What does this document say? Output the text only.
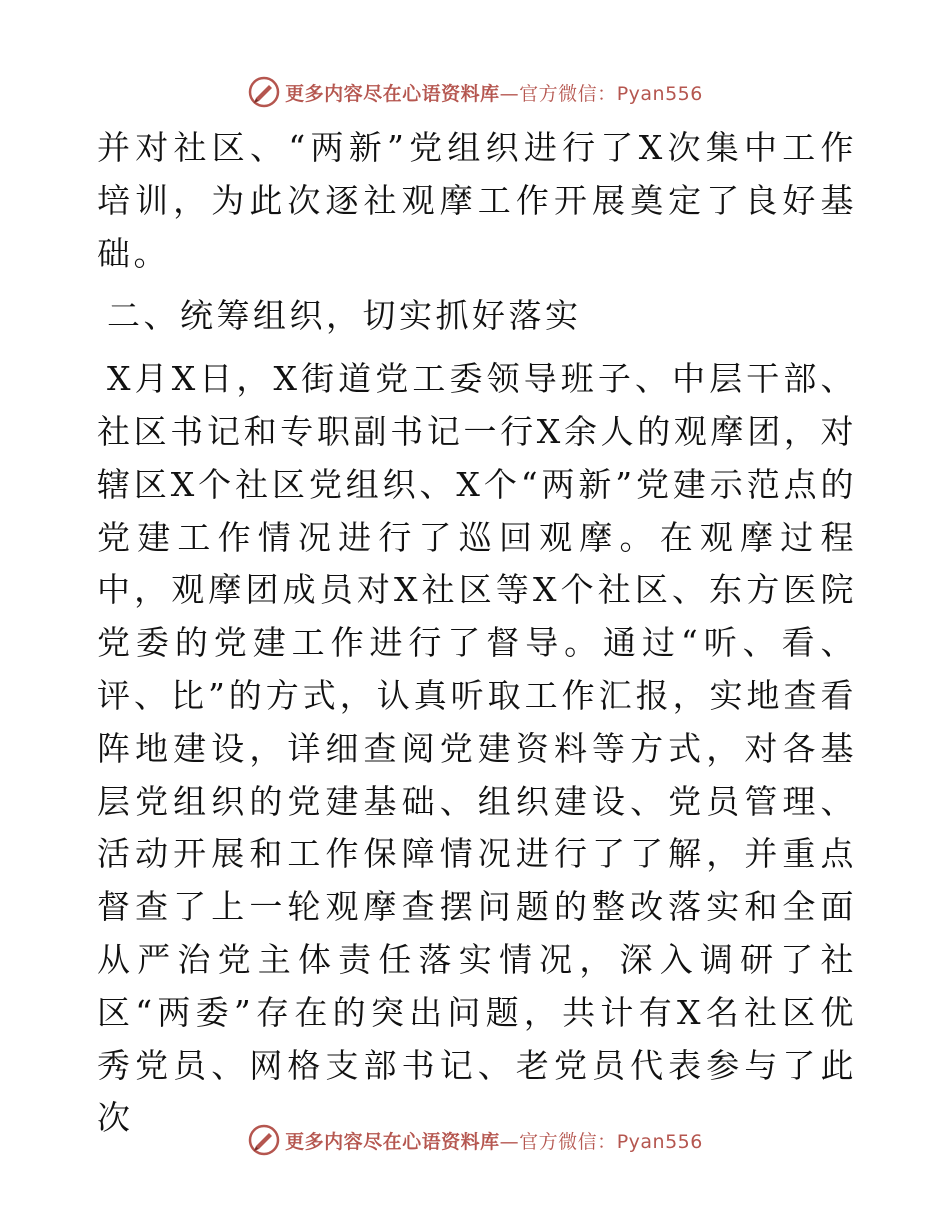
更多内容尽在心语资料库—官方微信：Pyan556

并对社区、“两新”党组织进行了X次集中工作培训，为此次逐社观摩工作开展奠定了良好基础。

二、统筹组织，切实抓好落实

X月X日，X街道党工委领导班子、中层干部、社区书记和专职副书记一行X余人的观摩团，对辖区X个社区党组织、X个“两新”党建示范点的党建工作情况进行了巡回观摩。在观摩过程中，观摩团成员对X社区等X个社区、东方医院党委的党建工作进行了督导。通过“听、看、评、比”的方式，认真听取工作汇报，实地查看阵地建设，详细查阅党建资料等方式，对各基层党组织的党建基础、组织建设、党员管理、活动开展和工作保障情况进行了了解，并重点督查了上一轮观摩查摆问题的整改落实和全面从严治党主体责任落实情况，深入调研了社区“两委”存在的突出问题，共计有X名社区优秀党员、网格支部书记、老党员代表参与了此次

更多内容尽在心语资料库—官方微信：Pyan556
